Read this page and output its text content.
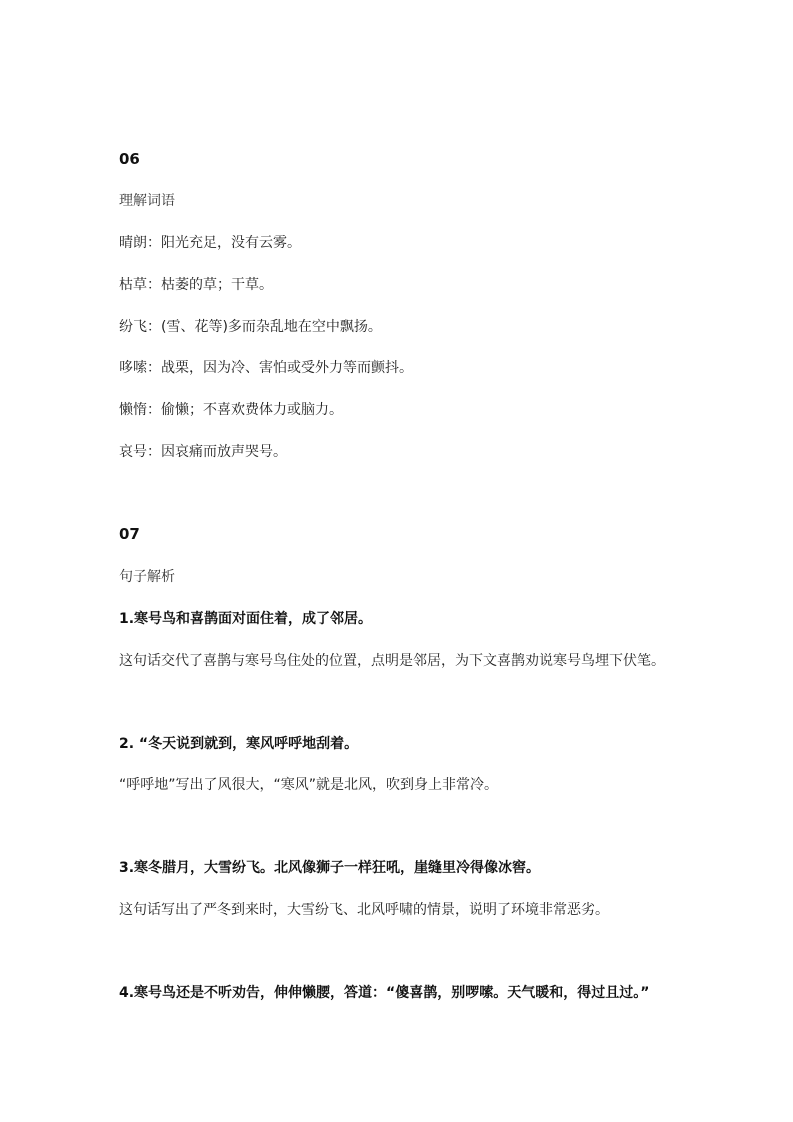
06
理解词语
晴朗：阳光充足，没有云雾。
枯草：枯萎的草；干草。
纷飞：(雪、花等)多而杂乱地在空中飘扬。
哆嗦：战栗，因为冷、害怕或受外力等而颤抖。
懒惰：偷懒；不喜欢费体力或脑力。
哀号：因哀痛而放声哭号。
07
句子解析
1.寒号鸟和喜鹊面对面住着，成了邻居。
这句话交代了喜鹊与寒号鸟住处的位置，点明是邻居，为下文喜鹊劝说寒号鸟埋下伏笔。
2. “冬天说到就到，寒风呼呼地刮着。
“呼呼地”写出了风很大，“寒风”就是北风，吹到身上非常冷。
3.寒冬腊月，大雪纷飞。北风像狮子一样狂吼，崖缝里冷得像冰窖。
这句话写出了严冬到来时，大雪纷飞、北风呼啸的情景，说明了环境非常恶劣。
4.寒号鸟还是不听劝告，伸伸懒腰，答道：“傻喜鹊，别啰嗦。天气暖和，得过且过。”
